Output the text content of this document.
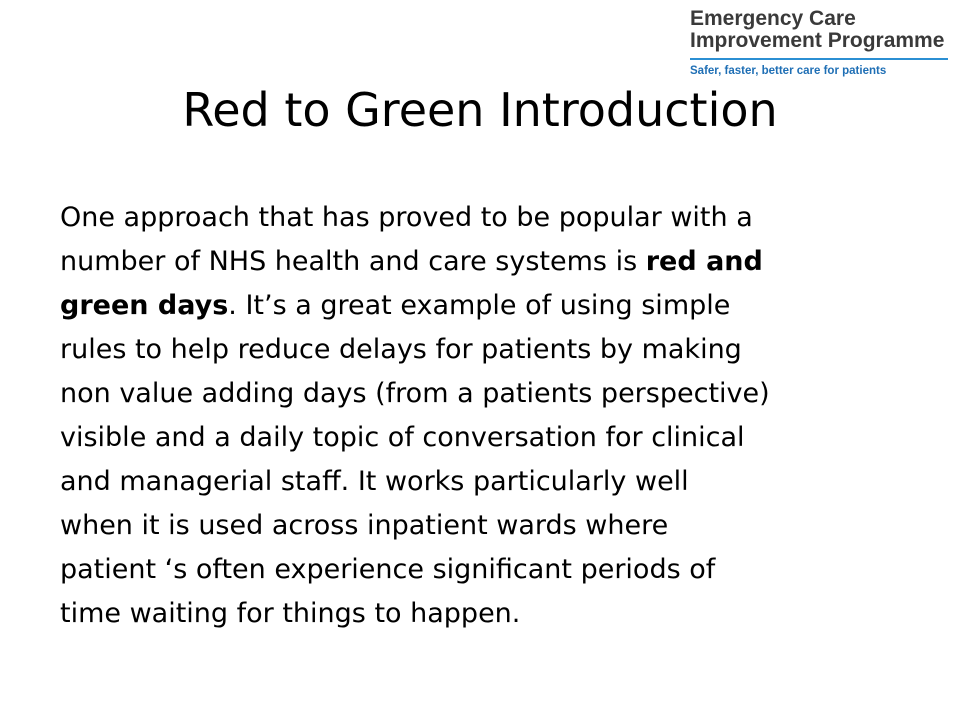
Emergency Care
Improvement Programme
Safer, faster, better care for patients
Red to Green Introduction

One approach that has proved to be popular with a
number of NHS health and care systems is red and
green days. It’s a great example of using simple
rules to help reduce delays for patients by making
non value adding days (from a patients perspective)
visible and a daily topic of conversation for clinical
and managerial staff. It works particularly well
when it is used across inpatient wards where
patient ‘s often experience significant periods of
time waiting for things to happen.
